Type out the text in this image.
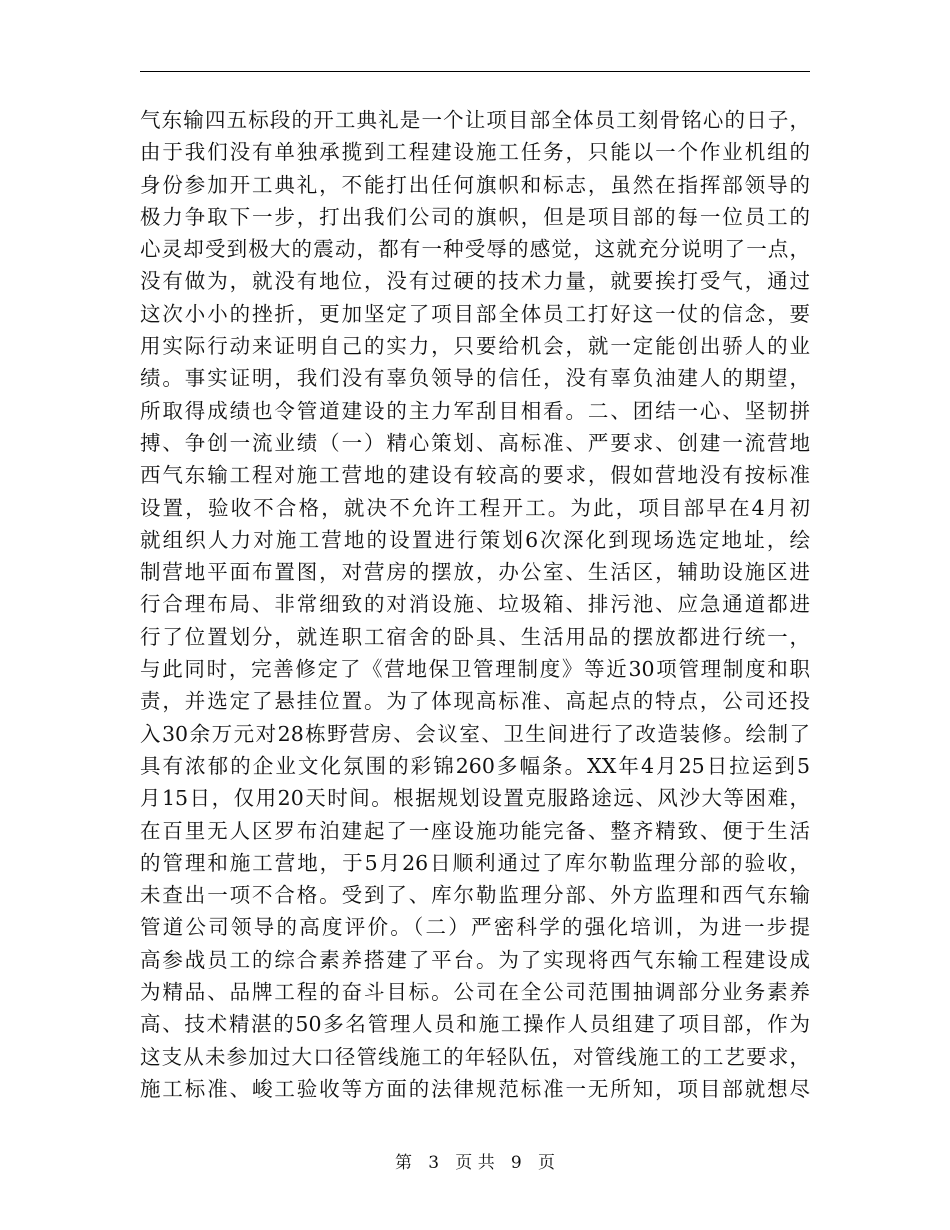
气东输四五标段的开工典礼是一个让项目部全体员工刻骨铭心的日子，
由于我们没有单独承揽到工程建设施工任务，只能以一个作业机组的
身份参加开工典礼，不能打出任何旗帜和标志，虽然在指挥部领导的
极力争取下一步，打出我们公司的旗帜，但是项目部的每一位员工的
心灵却受到极大的震动，都有一种受辱的感觉，这就充分说明了一点，
没有做为，就没有地位，没有过硬的技术力量，就要挨打受气，通过
这次小小的挫折，更加坚定了项目部全体员工打好这一仗的信念，要
用实际行动来证明自己的实力，只要给机会，就一定能创出骄人的业
绩。事实证明，我们没有辜负领导的信任，没有辜负油建人的期望，
所取得成绩也令管道建设的主力军刮目相看。二、团结一心、坚韧拼
搏、争创一流业绩（一）精心策划、高标准、严要求、创建一流营地
西气东输工程对施工营地的建设有较高的要求，假如营地没有按标准
设置，验收不合格，就决不允许工程开工。为此，项目部早在4月初
就组织人力对施工营地的设置进行策划6次深化到现场选定地址，绘
制营地平面布置图，对营房的摆放，办公室、生活区，辅助设施区进
行合理布局、非常细致的对消设施、垃圾箱、排污池、应急通道都进
行了位置划分，就连职工宿舍的卧具、生活用品的摆放都进行统一，
与此同时，完善修定了《营地保卫管理制度》等近30项管理制度和职
责，并选定了悬挂位置。为了体现高标准、高起点的特点，公司还投
入30余万元对28栋野营房、会议室、卫生间进行了改造装修。绘制了
具有浓郁的企业文化氛围的彩锦260多幅条。XX年4月25日拉运到5
月15日，仅用20天时间。根据规划设置克服路途远、风沙大等困难，
在百里无人区罗布泊建起了一座设施功能完备、整齐精致、便于生活
的管理和施工营地，于5月26日顺利通过了库尔勒监理分部的验收，
未查出一项不合格。受到了、库尔勒监理分部、外方监理和西气东输
管道公司领导的高度评价。（二）严密科学的强化培训，为进一步提
高参战员工的综合素养搭建了平台。为了实现将西气东输工程建设成
为精品、品牌工程的奋斗目标。公司在全公司范围抽调部分业务素养
高、技术精湛的50多名管理人员和施工操作人员组建了项目部，作为
这支从未参加过大口径管线施工的年轻队伍，对管线施工的工艺要求，
施工标准、峻工验收等方面的法律规范标准一无所知，项目部就想尽
第 3 页 共 9 页
